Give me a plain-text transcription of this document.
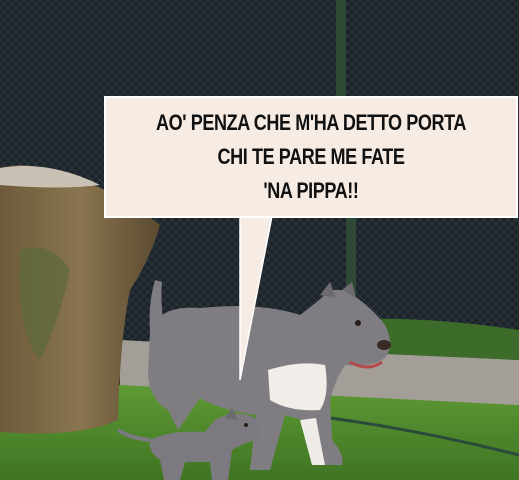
AO' PENZA CHE M'HA DETTO PORTA
CHI TE PARE ME FATE
'NA PIPPA!!
